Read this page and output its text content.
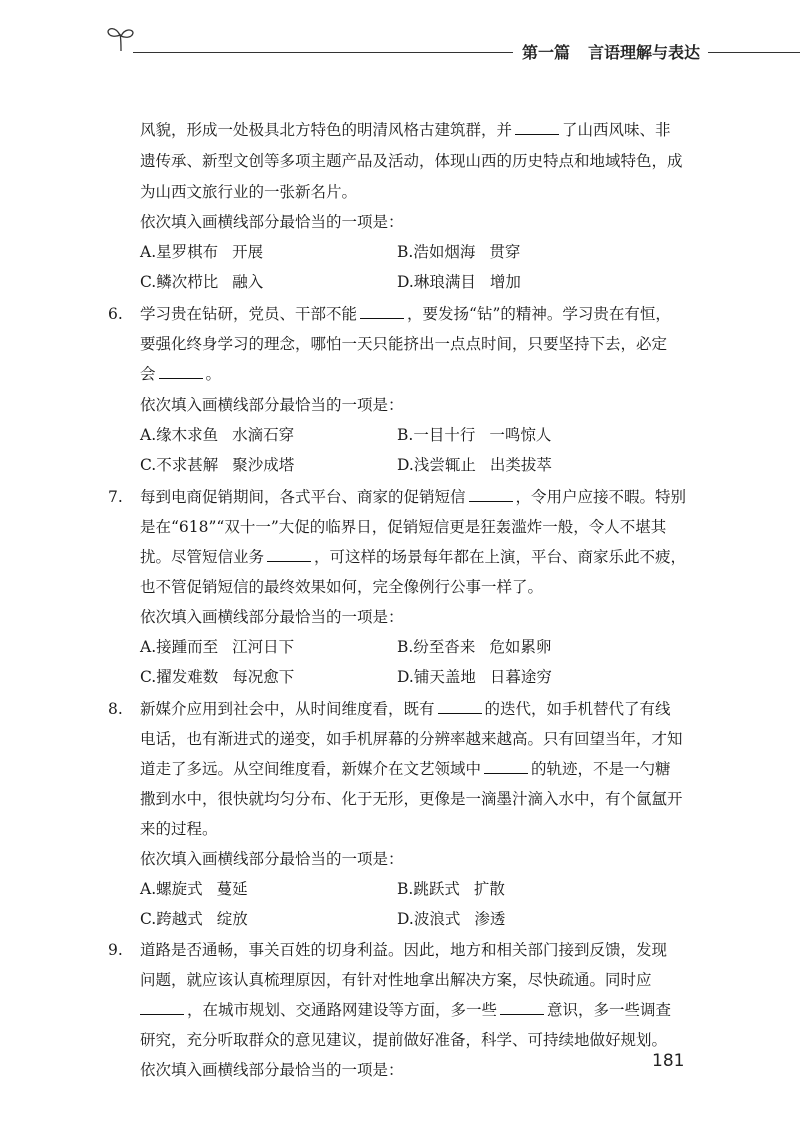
第一篇 言语理解与表达
风貌，形成一处极具北方特色的明清风格古建筑群，并	了山西风味、非
遗传承、新型文创等多项主题产品及活动，体现山西的历史特点和地域特色，成
为山西文旅行业的一张新名片。
依次填入画横线部分最恰当的一项是：
A.星罗棋布 开展	B.浩如烟海 贯穿
C.鳞次栉比 融入	D.琳琅满目 增加
6. 学习贵在钻研，党员、干部不能	，要发扬“钻”的精神。学习贵在有恒，
要强化终身学习的理念，哪怕一天只能挤出一点点时间，只要坚持下去，必定
会	。
依次填入画横线部分最恰当的一项是：
A.缘木求鱼 水滴石穿	B.一目十行 一鸣惊人
C.不求甚解 聚沙成塔	D.浅尝辄止 出类拔萃
7. 每到电商促销期间，各式平台、商家的促销短信	，令用户应接不暇。特别
是在“618”“双十一”大促的临界日，促销短信更是狂轰滥炸一般，令人不堪其
扰。尽管短信业务	，可这样的场景每年都在上演，平台、商家乐此不疲，
也不管促销短信的最终效果如何，完全像例行公事一样了。
依次填入画横线部分最恰当的一项是：
A.接踵而至 江河日下	B.纷至沓来 危如累卵
C.擢发难数 每况愈下	D.铺天盖地 日暮途穷
8. 新媒介应用到社会中，从时间维度看，既有	的迭代，如手机替代了有线
电话，也有渐进式的递变，如手机屏幕的分辨率越来越高。只有回望当年，才知
道走了多远。从空间维度看，新媒介在文艺领域中	的轨迹，不是一勺糖
撒到水中，很快就均匀分布、化于无形，更像是一滴墨汁滴入水中，有个氤氲开
来的过程。
依次填入画横线部分最恰当的一项是：
A.螺旋式 蔓延	B.跳跃式 扩散
C.跨越式 绽放	D.波浪式 渗透
9. 道路是否通畅，事关百姓的切身利益。因此，地方和相关部门接到反馈，发现
问题，就应该认真梳理原因，有针对性地拿出解决方案，尽快疏通。同时应
，在城市规划、交通路网建设等方面，多一些	意识，多一些调查
研究，充分听取群众的意见建议，提前做好准备，科学、可持续地做好规划。
依次填入画横线部分最恰当的一项是：	181
